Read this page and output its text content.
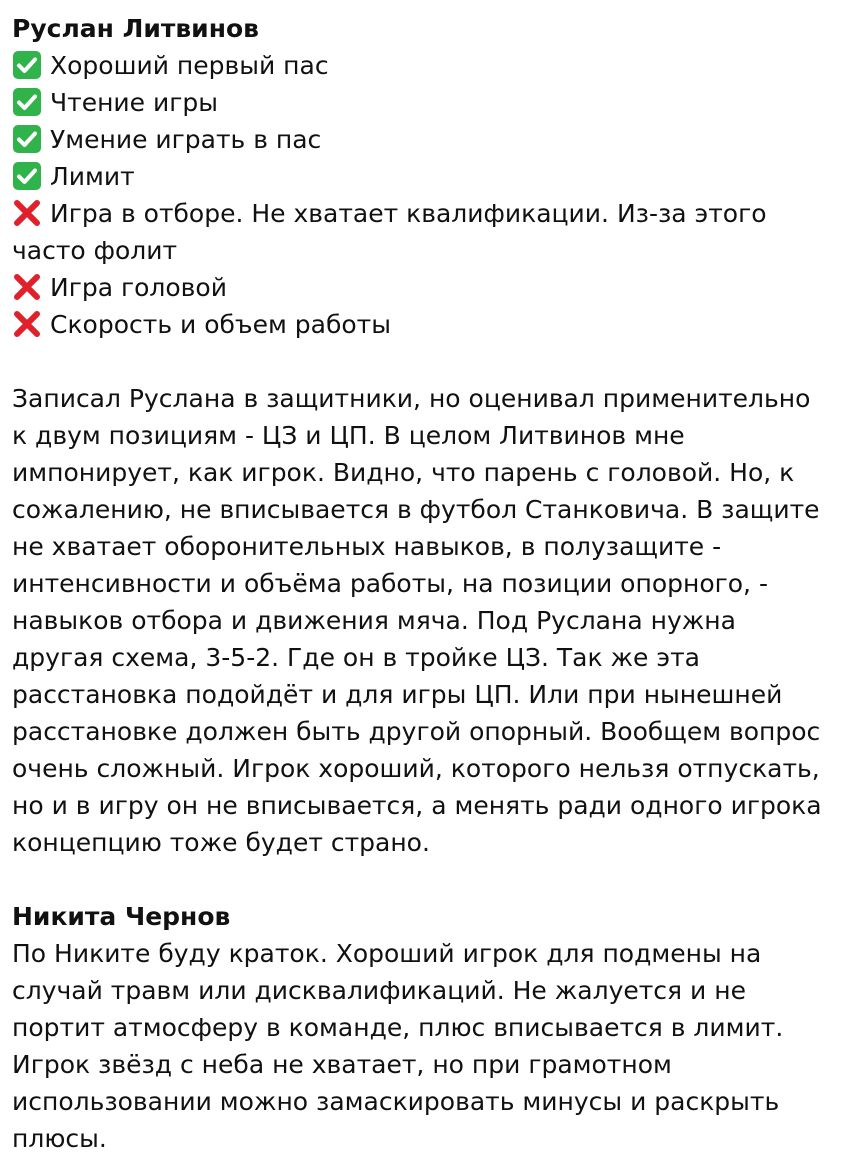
Руслан Литвинов

Хороший первый пас

Чтение игры

Умение играть в пас

Лимит

Игра в отборе. Не хватает квалификации. Из-за этого часто фолит

Игра головой

Скорость и объем работы

Записал Руслана в защитники, но оценивал применительно к двум позициям - ЦЗ и ЦП. В целом Литвинов мне импонирует, как игрок. Видно, что парень с головой. Но, к сожалению, не вписывается в футбол Станковича. В защите не хватает оборонительных навыков, в полузащите - интенсивности и объёма работы, на позиции опорного, - навыков отбора и движения мяча. Под Руслана нужна другая схема, 3-5-2. Где он в тройке ЦЗ. Так же эта расстановка подойдёт и для игры ЦП. Или при нынешней расстановке должен быть другой опорный. Вообщем вопрос очень сложный. Игрок хороший, которого нельзя отпускать, но и в игру он не вписывается, а менять ради одного игрока концепцию тоже будет страно.

Никита Чернов

По Никите буду краток. Хороший игрок для подмены на случай травм или дисквалификаций. Не жалуется и не портит атмосферу в команде, плюс вписывается в лимит. Игрок звёзд с неба не хватает, но при грамотном использовании можно замаскировать минусы и раскрыть плюсы.
